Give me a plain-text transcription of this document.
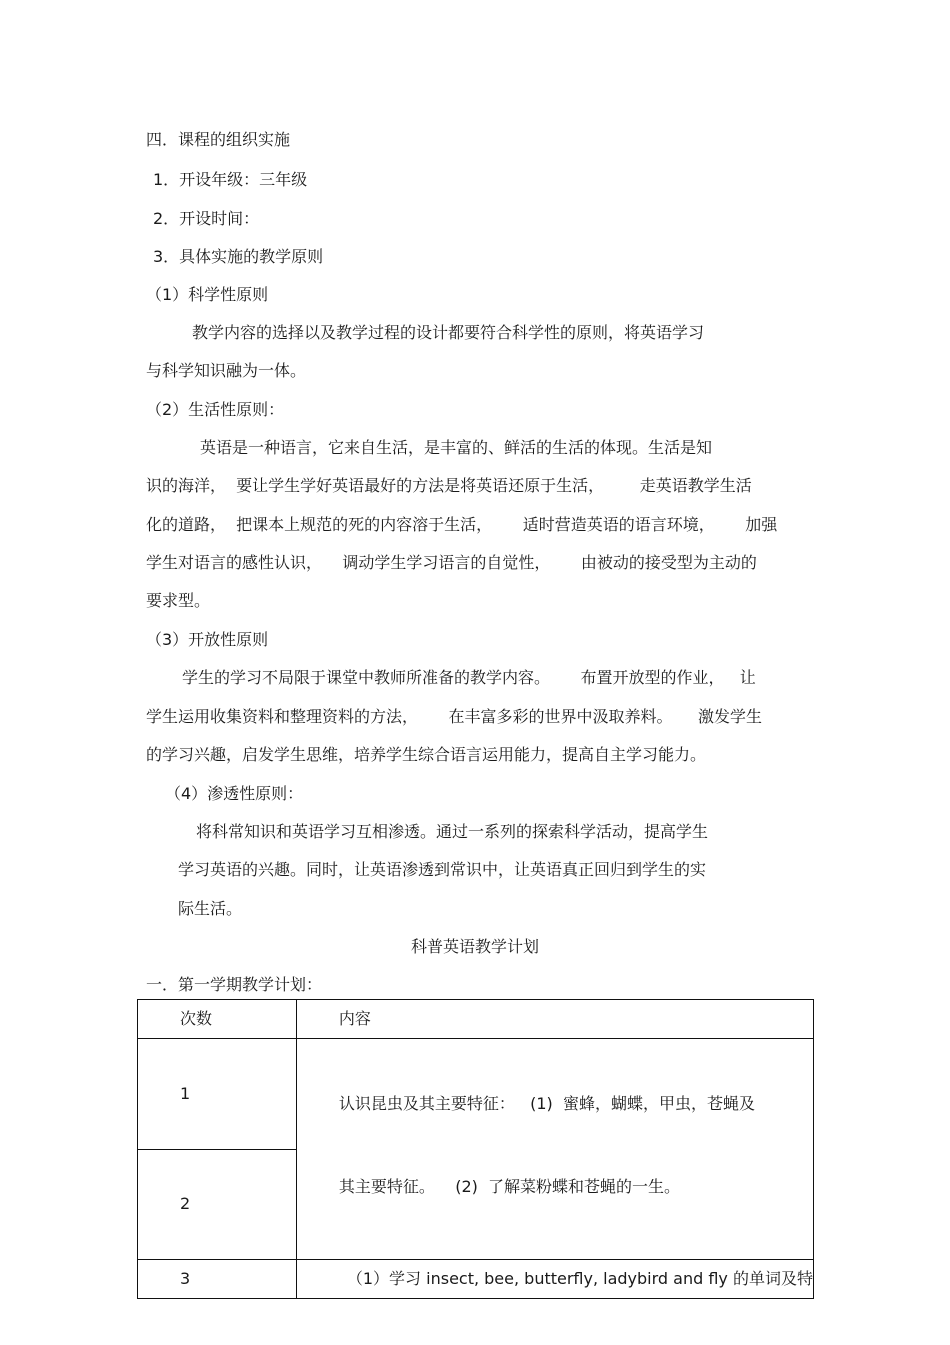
四．课程的组织实施
1．开设年级：三年级
2．开设时间：
3．具体实施的教学原则
（1）科学性原则
教学内容的选择以及教学过程的设计都要符合科学性的原则，将英语学习
与科学知识融为一体。
（2）生活性原则：
英语是一种语言，它来自生活，是丰富的、鲜活的生活的体现。生活是知
识的海洋，  要让学生学好英语最好的方法是将英语还原于生活，       走英语教学生活
化的道路，  把课本上规范的死的内容溶于生活，      适时营造英语的语言环境，      加强
学生对语言的感性认识，    调动学生学习语言的自觉性，      由被动的接受型为主动的
要求型。
（3）开放性原则
学生的学习不局限于课堂中教师所准备的教学内容。      布置开放型的作业，   让
学生运用收集资料和整理资料的方法，      在丰富多彩的世界中汲取养料。     激发学生
的学习兴趣，启发学生思维，培养学生综合语言运用能力，提高自主学习能力。
（4）渗透性原则：
将科常知识和英语学习互相渗透。通过一系列的探索科学活动，提高学生
学习英语的兴趣。同时，让英语渗透到常识中，让英语真正回归到学生的实
际生活。
科普英语教学计划
一．第一学期教学计划：
次数	内容
1	认识昆虫及其主要特征：   (1)  蜜蜂，蝴蝶，甲虫，苍蝇及

其主要特征。    (2)  了解菜粉蝶和苍蝇的一生。

2	
3	（1）学习 insect, bee, butterfly, ladybird and fly 的单词及特
